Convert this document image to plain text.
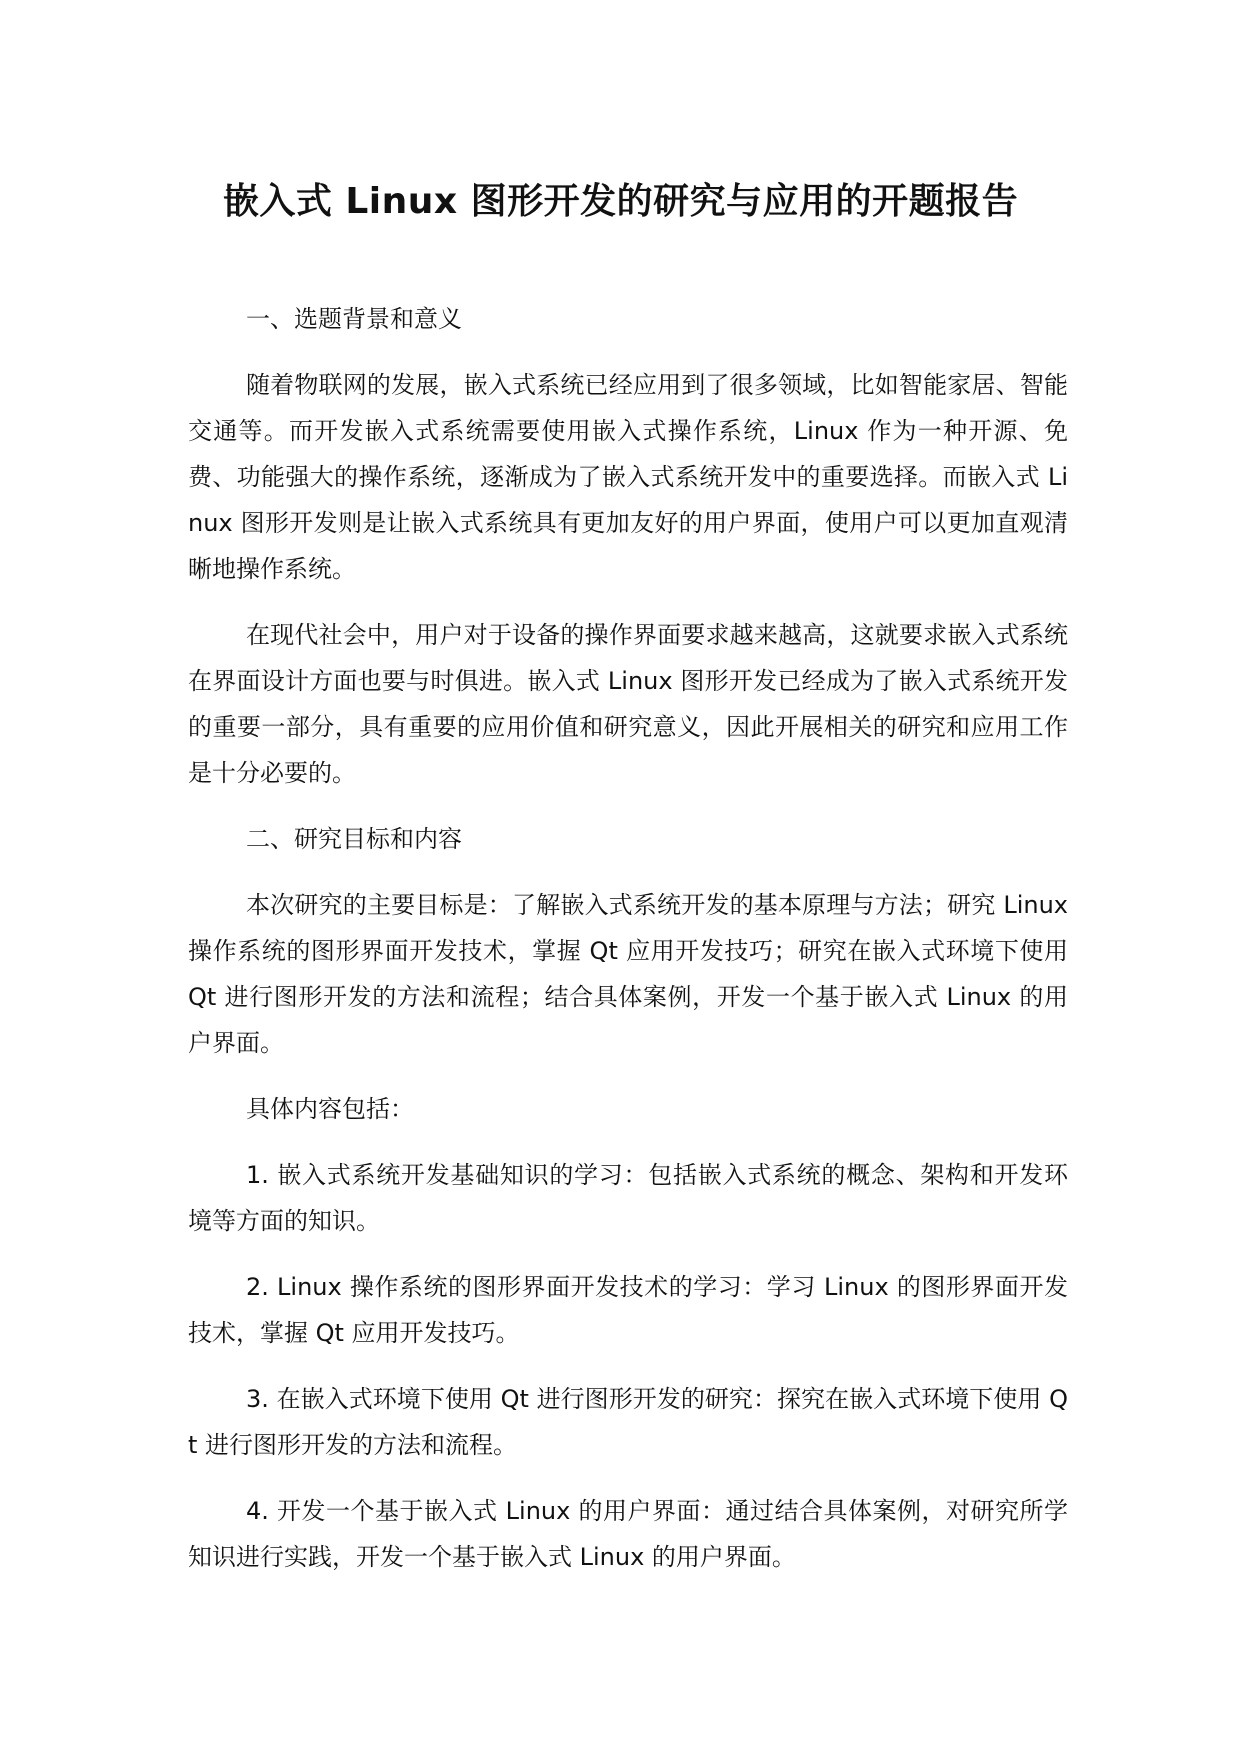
嵌入式 Linux 图形开发的研究与应用的开题报告

一、选题背景和意义

随着物联网的发展，嵌入式系统已经应用到了很多领域，比如智能家居、智能交通等。而开发嵌入式系统需要使用嵌入式操作系统，Linux 作为一种开源、免费、功能强大的操作系统，逐渐成为了嵌入式系统开发中的重要选择。而嵌入式 Linux 图形开发则是让嵌入式系统具有更加友好的用户界面，使用户可以更加直观清晰地操作系统。

在现代社会中，用户对于设备的操作界面要求越来越高，这就要求嵌入式系统在界面设计方面也要与时俱进。嵌入式 Linux 图形开发已经成为了嵌入式系统开发的重要一部分，具有重要的应用价值和研究意义，因此开展相关的研究和应用工作是十分必要的。

二、研究目标和内容

本次研究的主要目标是：了解嵌入式系统开发的基本原理与方法；研究 Linux 操作系统的图形界面开发技术，掌握 Qt 应用开发技巧；研究在嵌入式环境下使用 Qt 进行图形开发的方法和流程；结合具体案例，开发一个基于嵌入式 Linux 的用户界面。

具体内容包括：

1. 嵌入式系统开发基础知识的学习：包括嵌入式系统的概念、架构和开发环境等方面的知识。

2. Linux 操作系统的图形界面开发技术的学习：学习 Linux 的图形界面开发技术，掌握 Qt 应用开发技巧。

3. 在嵌入式环境下使用 Qt 进行图形开发的研究：探究在嵌入式环境下使用 Qt 进行图形开发的方法和流程。

4. 开发一个基于嵌入式 Linux 的用户界面：通过结合具体案例，对研究所学知识进行实践，开发一个基于嵌入式 Linux 的用户界面。
